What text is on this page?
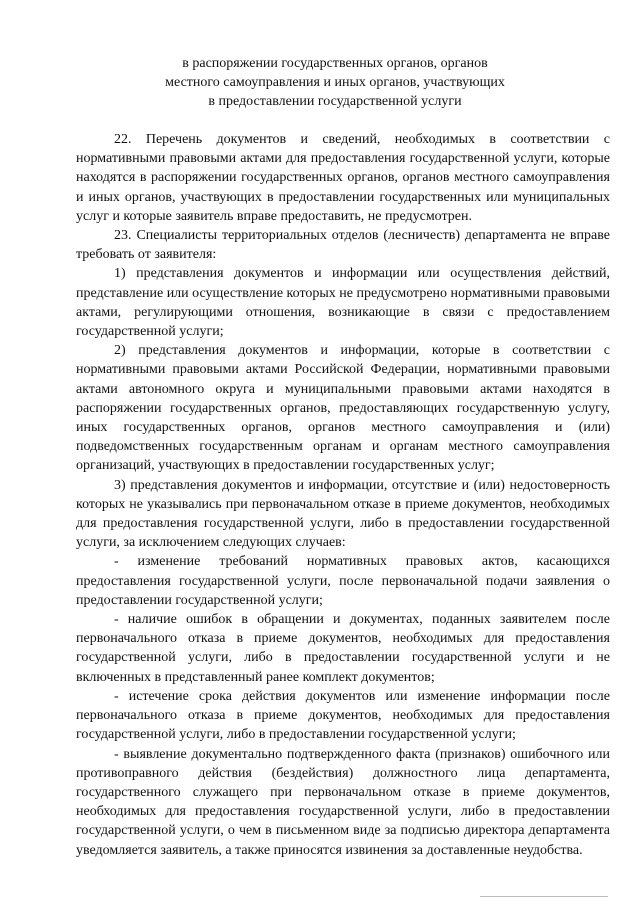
в распоряжении государственных органов, органов
местного самоуправления и иных органов, участвующих
в предоставлении государственной услуги

22. Перечень документов и сведений, необходимых в соответствии с нормативными правовыми актами для предоставления государственной услуги, которые находятся в распоряжении государственных органов, органов местного самоуправления и иных органов, участвующих в предоставлении государственных или муниципальных услуг и которые заявитель вправе предоставить, не предусмотрен.

23. Специалисты территориальных отделов (лесничеств) департамента не вправе требовать от заявителя:

1) представления документов и информации или осуществления действий, представление или осуществление которых не предусмотрено нормативными правовыми актами, регулирующими отношения, возникающие в связи с предоставлением государственной услуги;

2) представления документов и информации, которые в соответствии с нормативными правовыми актами Российской Федерации, нормативными правовыми актами автономного округа и муниципальными правовыми актами находятся в распоряжении государственных органов, предоставляющих государственную услугу, иных государственных органов, органов местного самоуправления и (или) подведомственных государственным органам и органам местного самоуправления организаций, участвующих в предоставлении государственных услуг;

3) представления документов и информации, отсутствие и (или) недостоверность которых не указывались при первоначальном отказе в приеме документов, необходимых для предоставления государственной услуги, либо в предоставлении государственной услуги, за исключением следующих случаев:

- изменение требований нормативных правовых актов, касающихся предоставления государственной услуги, после первоначальной подачи заявления о предоставлении государственной услуги;

- наличие ошибок в обращении и документах, поданных заявителем после первоначального отказа в приеме документов, необходимых для предоставления государственной услуги, либо в предоставлении государственной услуги и не включенных в представленный ранее комплект документов;

- истечение срока действия документов или изменение информации после первоначального отказа в приеме документов, необходимых для предоставления государственной услуги, либо в предоставлении государственной услуги;

- выявление документально подтвержденного факта (признаков) ошибочного или противоправного действия (бездействия) должностного лица департамента, государственного служащего при первоначальном отказе в приеме документов, необходимых для предоставления государственной услуги, либо в предоставлении государственной услуги, о чем в письменном виде за подписью директора департамента уведомляется заявитель, а также приносятся извинения за доставленные неудобства.
